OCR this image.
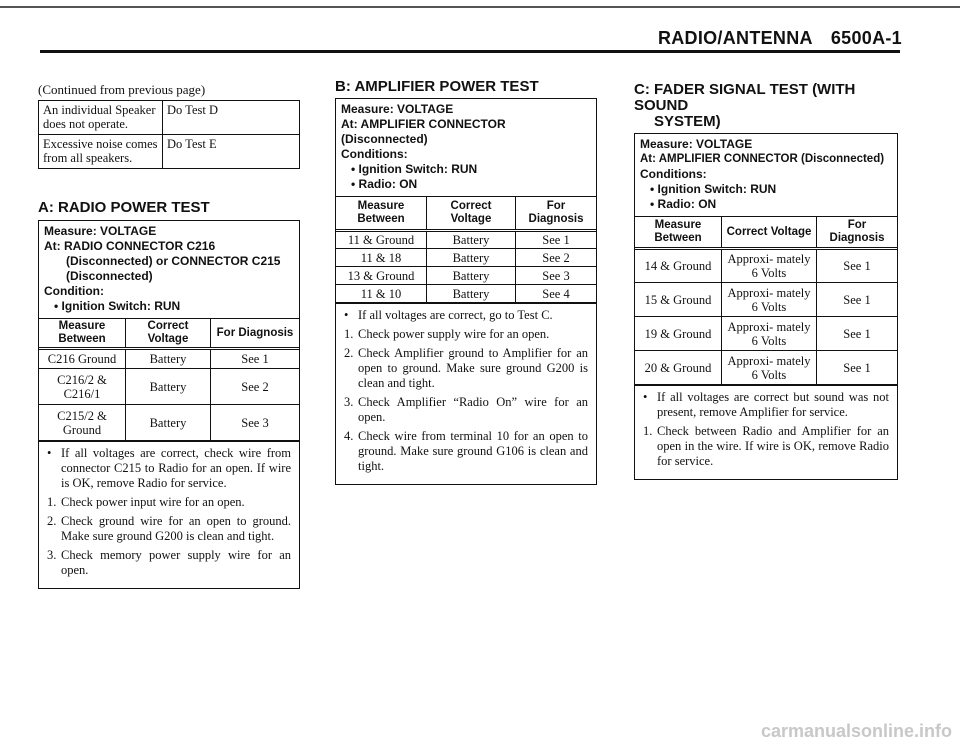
RADIO/ANTENNA 6500A-1
(Continued from previous page)
An individual Speaker does not operate.	Do Test D
Excessive noise comes from all speakers.	Do Test E
A: RADIO POWER TEST
Measure: VOLTAGE
At: RADIO CONNECTOR C216
(Disconnected) or CONNECTOR C215
(Disconnected)
Condition:
• Ignition Switch: RUN
Measure Between	Correct Voltage	For Diagnosis
C216 Ground	Battery	See 1
C216/2 & C216/1	Battery	See 2
C215/2 & Ground	Battery	See 3
• If all voltages are correct, check wire from connector C215 to Radio for an open. If wire is OK, remove Radio for service.
1. Check power input wire for an open.
2. Check ground wire for an open to ground. Make sure ground G200 is clean and tight.
3. Check memory power supply wire for an open.
B: AMPLIFIER POWER TEST
Measure: VOLTAGE
At: AMPLIFIER CONNECTOR (Disconnected)
Conditions:
• Ignition Switch: RUN
• Radio: ON
Measure Between	Correct Voltage	For Diagnosis
11 & Ground	Battery	See 1
11 & 18	Battery	See 2
13 & Ground	Battery	See 3
11 & 10	Battery	See 4
• If all voltages are correct, go to Test C.
1. Check power supply wire for an open.
2. Check Amplifier ground to Amplifier for an open to ground. Make sure ground G200 is clean and tight.
3. Check Amplifier “Radio On” wire for an open.
4. Check wire from terminal 10 for an open to ground. Make sure ground G106 is clean and tight.
C: FADER SIGNAL TEST (WITH SOUND
SYSTEM)
Measure: VOLTAGE
At: AMPLIFIER CONNECTOR (Disconnected)
Conditions:
• Ignition Switch: RUN
• Radio: ON
Measure Between	Correct Voltage	For Diagnosis
14 & Ground	Approxi- mately 6 Volts	See 1
15 & Ground	Approxi- mately 6 Volts	See 1
19 & Ground	Approxi- mately 6 Volts	See 1
20 & Ground	Approxi- mately 6 Volts	See 1
• If all voltages are correct but sound was not present, remove Amplifier for service.
1. Check between Radio and Amplifier for an open in the wire. If wire is OK, remove Radio for service.
carmanualsonline.info
